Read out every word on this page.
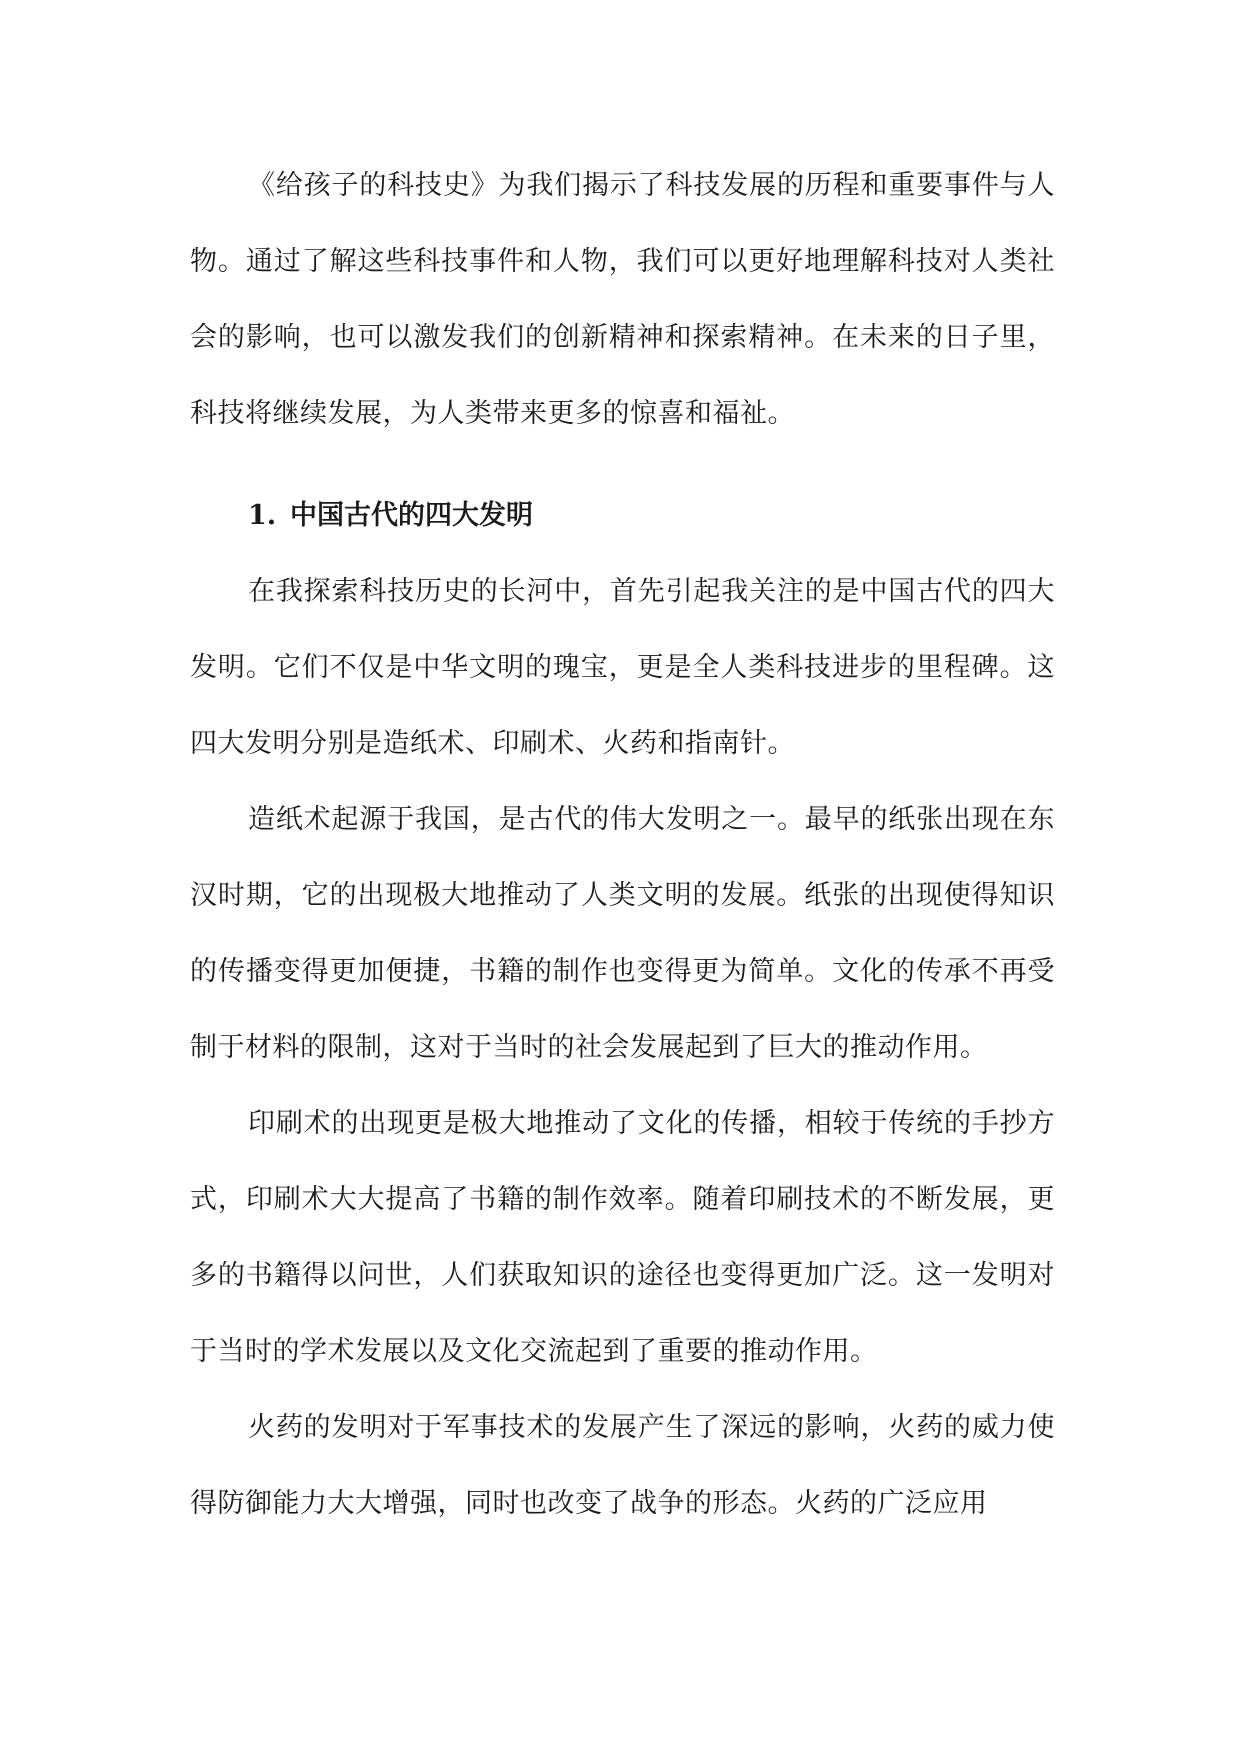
《给孩子的科技史》为我们揭示了科技发展的历程和重要事件与人物。通过了解这些科技事件和人物，我们可以更好地理解科技对人类社会的影响，也可以激发我们的创新精神和探索精神。在未来的日子里，科技将继续发展，为人类带来更多的惊喜和福祉。

1. 中国古代的四大发明

在我探索科技历史的长河中，首先引起我关注的是中国古代的四大发明。它们不仅是中华文明的瑰宝，更是全人类科技进步的里程碑。这四大发明分别是造纸术、印刷术、火药和指南针。

造纸术起源于我国，是古代的伟大发明之一。最早的纸张出现在东汉时期，它的出现极大地推动了人类文明的发展。纸张的出现使得知识的传播变得更加便捷，书籍的制作也变得更为简单。文化的传承不再受制于材料的限制，这对于当时的社会发展起到了巨大的推动作用。

印刷术的出现更是极大地推动了文化的传播，相较于传统的手抄方式，印刷术大大提高了书籍的制作效率。随着印刷技术的不断发展，更多的书籍得以问世，人们获取知识的途径也变得更加广泛。这一发明对于当时的学术发展以及文化交流起到了重要的推动作用。

火药的发明对于军事技术的发展产生了深远的影响，火药的威力使得防御能力大大增强，同时也改变了战争的形态。火药的广泛应用
